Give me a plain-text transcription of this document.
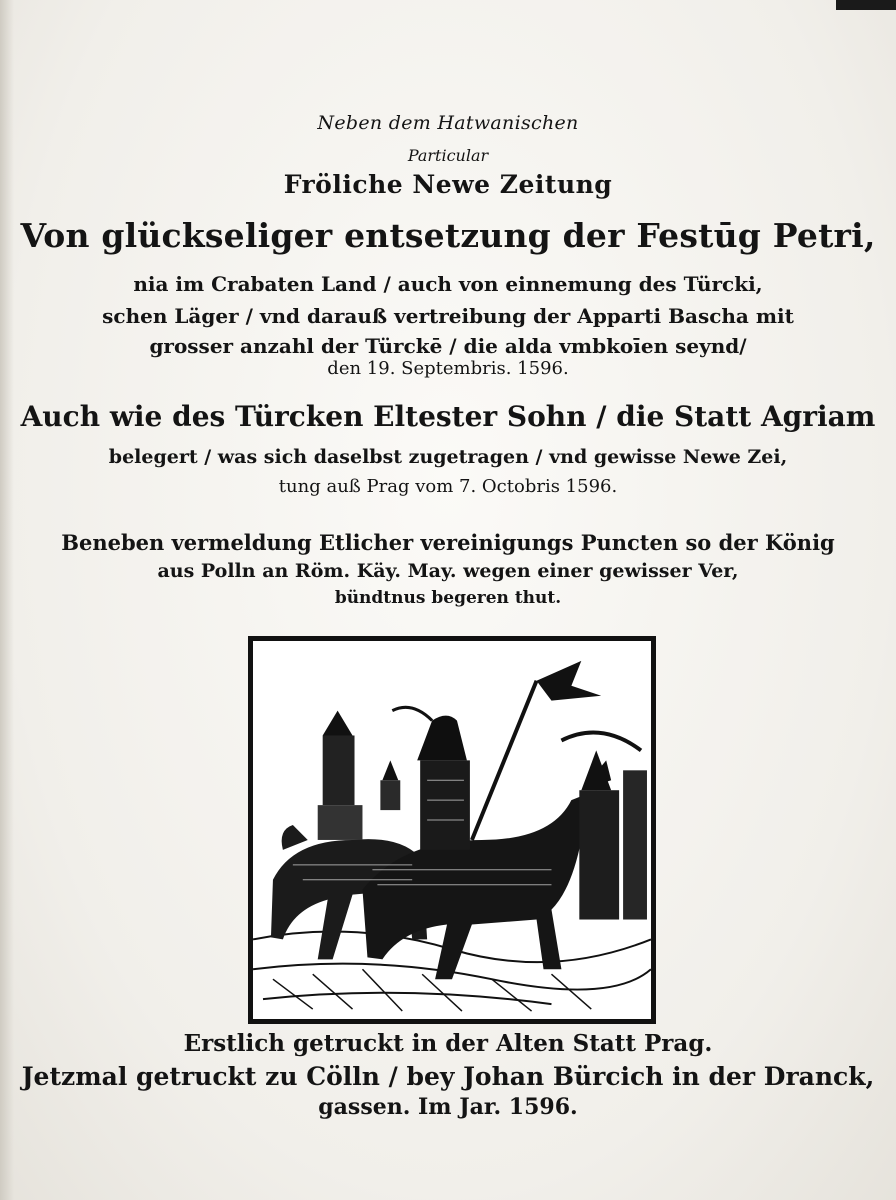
Neben dem Hatwanischen
Particular
Fröliche Newe Zeitung
Von glückseliger entsetzung der Festūg Petri,
nia im Crabaten Land / auch von einnemung des Türcki,
schen Läger / vnd darauß vertreibung der Apparti Bascha mit
grosser anzahl der Türckē / die alda vmbkoīen seynd/
den 19. Septembris. 1596.
Auch wie des Türcken Eltester Sohn / die Statt Agriam
belegert / was sich daselbst zugetragen / vnd gewisse Newe Zei,
tung auß Prag vom 7. Octobris 1596.
Beneben vermeldung Etlicher vereinigungs Puncten so der König
aus Polln an Röm. Käy. May. wegen einer gewisser Ver,
bündtnus begeren thut.
Erstlich getruckt in der Alten Statt Prag.
Jetzmal getruckt zu Cölln / bey Johan Bürcich in der Dranck,
gassen. Im Jar. 1596.
